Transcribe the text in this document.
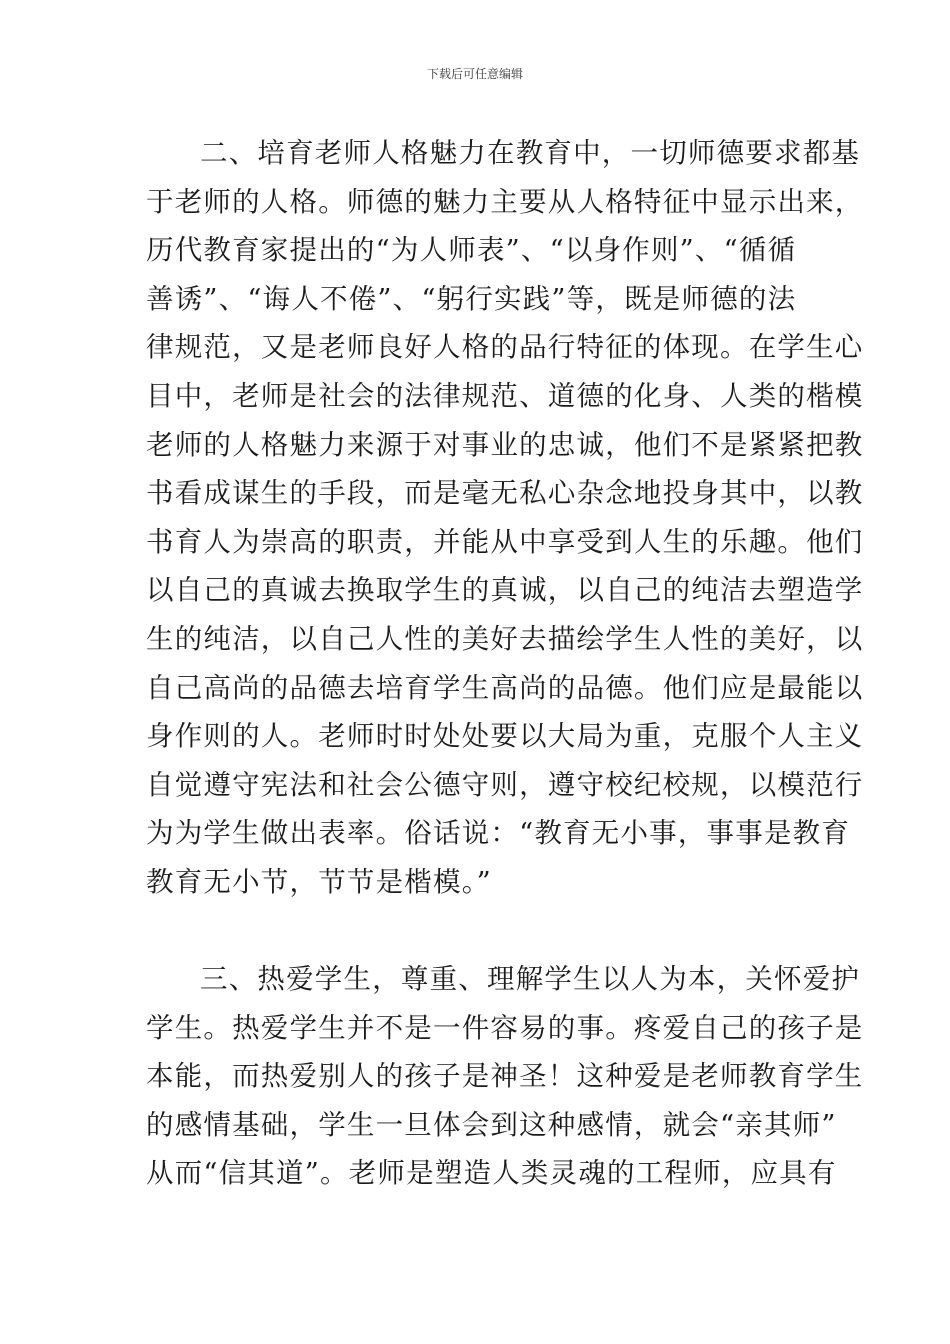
下载后可任意编辑
二、培育老师人格魅力在教育中，一切师德要求都基
于老师的人格。师德的魅力主要从人格特征中显示出来，
历代教育家提出的“为人师表”、“以身作则”、“循循
善诱”、“诲人不倦”、“躬行实践”等，既是师德的法
律规范，又是老师良好人格的品行特征的体现。在学生心
目中，老师是社会的法律规范、道德的化身、人类的楷模
老师的人格魅力来源于对事业的忠诚，他们不是紧紧把教
书看成谋生的手段，而是毫无私心杂念地投身其中，以教
书育人为崇高的职责，并能从中享受到人生的乐趣。他们
以自己的真诚去换取学生的真诚，以自己的纯洁去塑造学
生的纯洁，以自己人性的美好去描绘学生人性的美好，以
自己高尚的品德去培育学生高尚的品德。他们应是最能以
身作则的人。老师时时处处要以大局为重，克服个人主义
自觉遵守宪法和社会公德守则，遵守校纪校规，以模范行
为为学生做出表率。俗话说：“教育无小事，事事是教育
教育无小节，节节是楷模。”
三、热爱学生，尊重、理解学生以人为本，关怀爱护
学生。热爱学生并不是一件容易的事。疼爱自己的孩子是
本能，而热爱别人的孩子是神圣！这种爱是老师教育学生
的感情基础，学生一旦体会到这种感情，就会“亲其师”
从而“信其道”。老师是塑造人类灵魂的工程师，应具有
